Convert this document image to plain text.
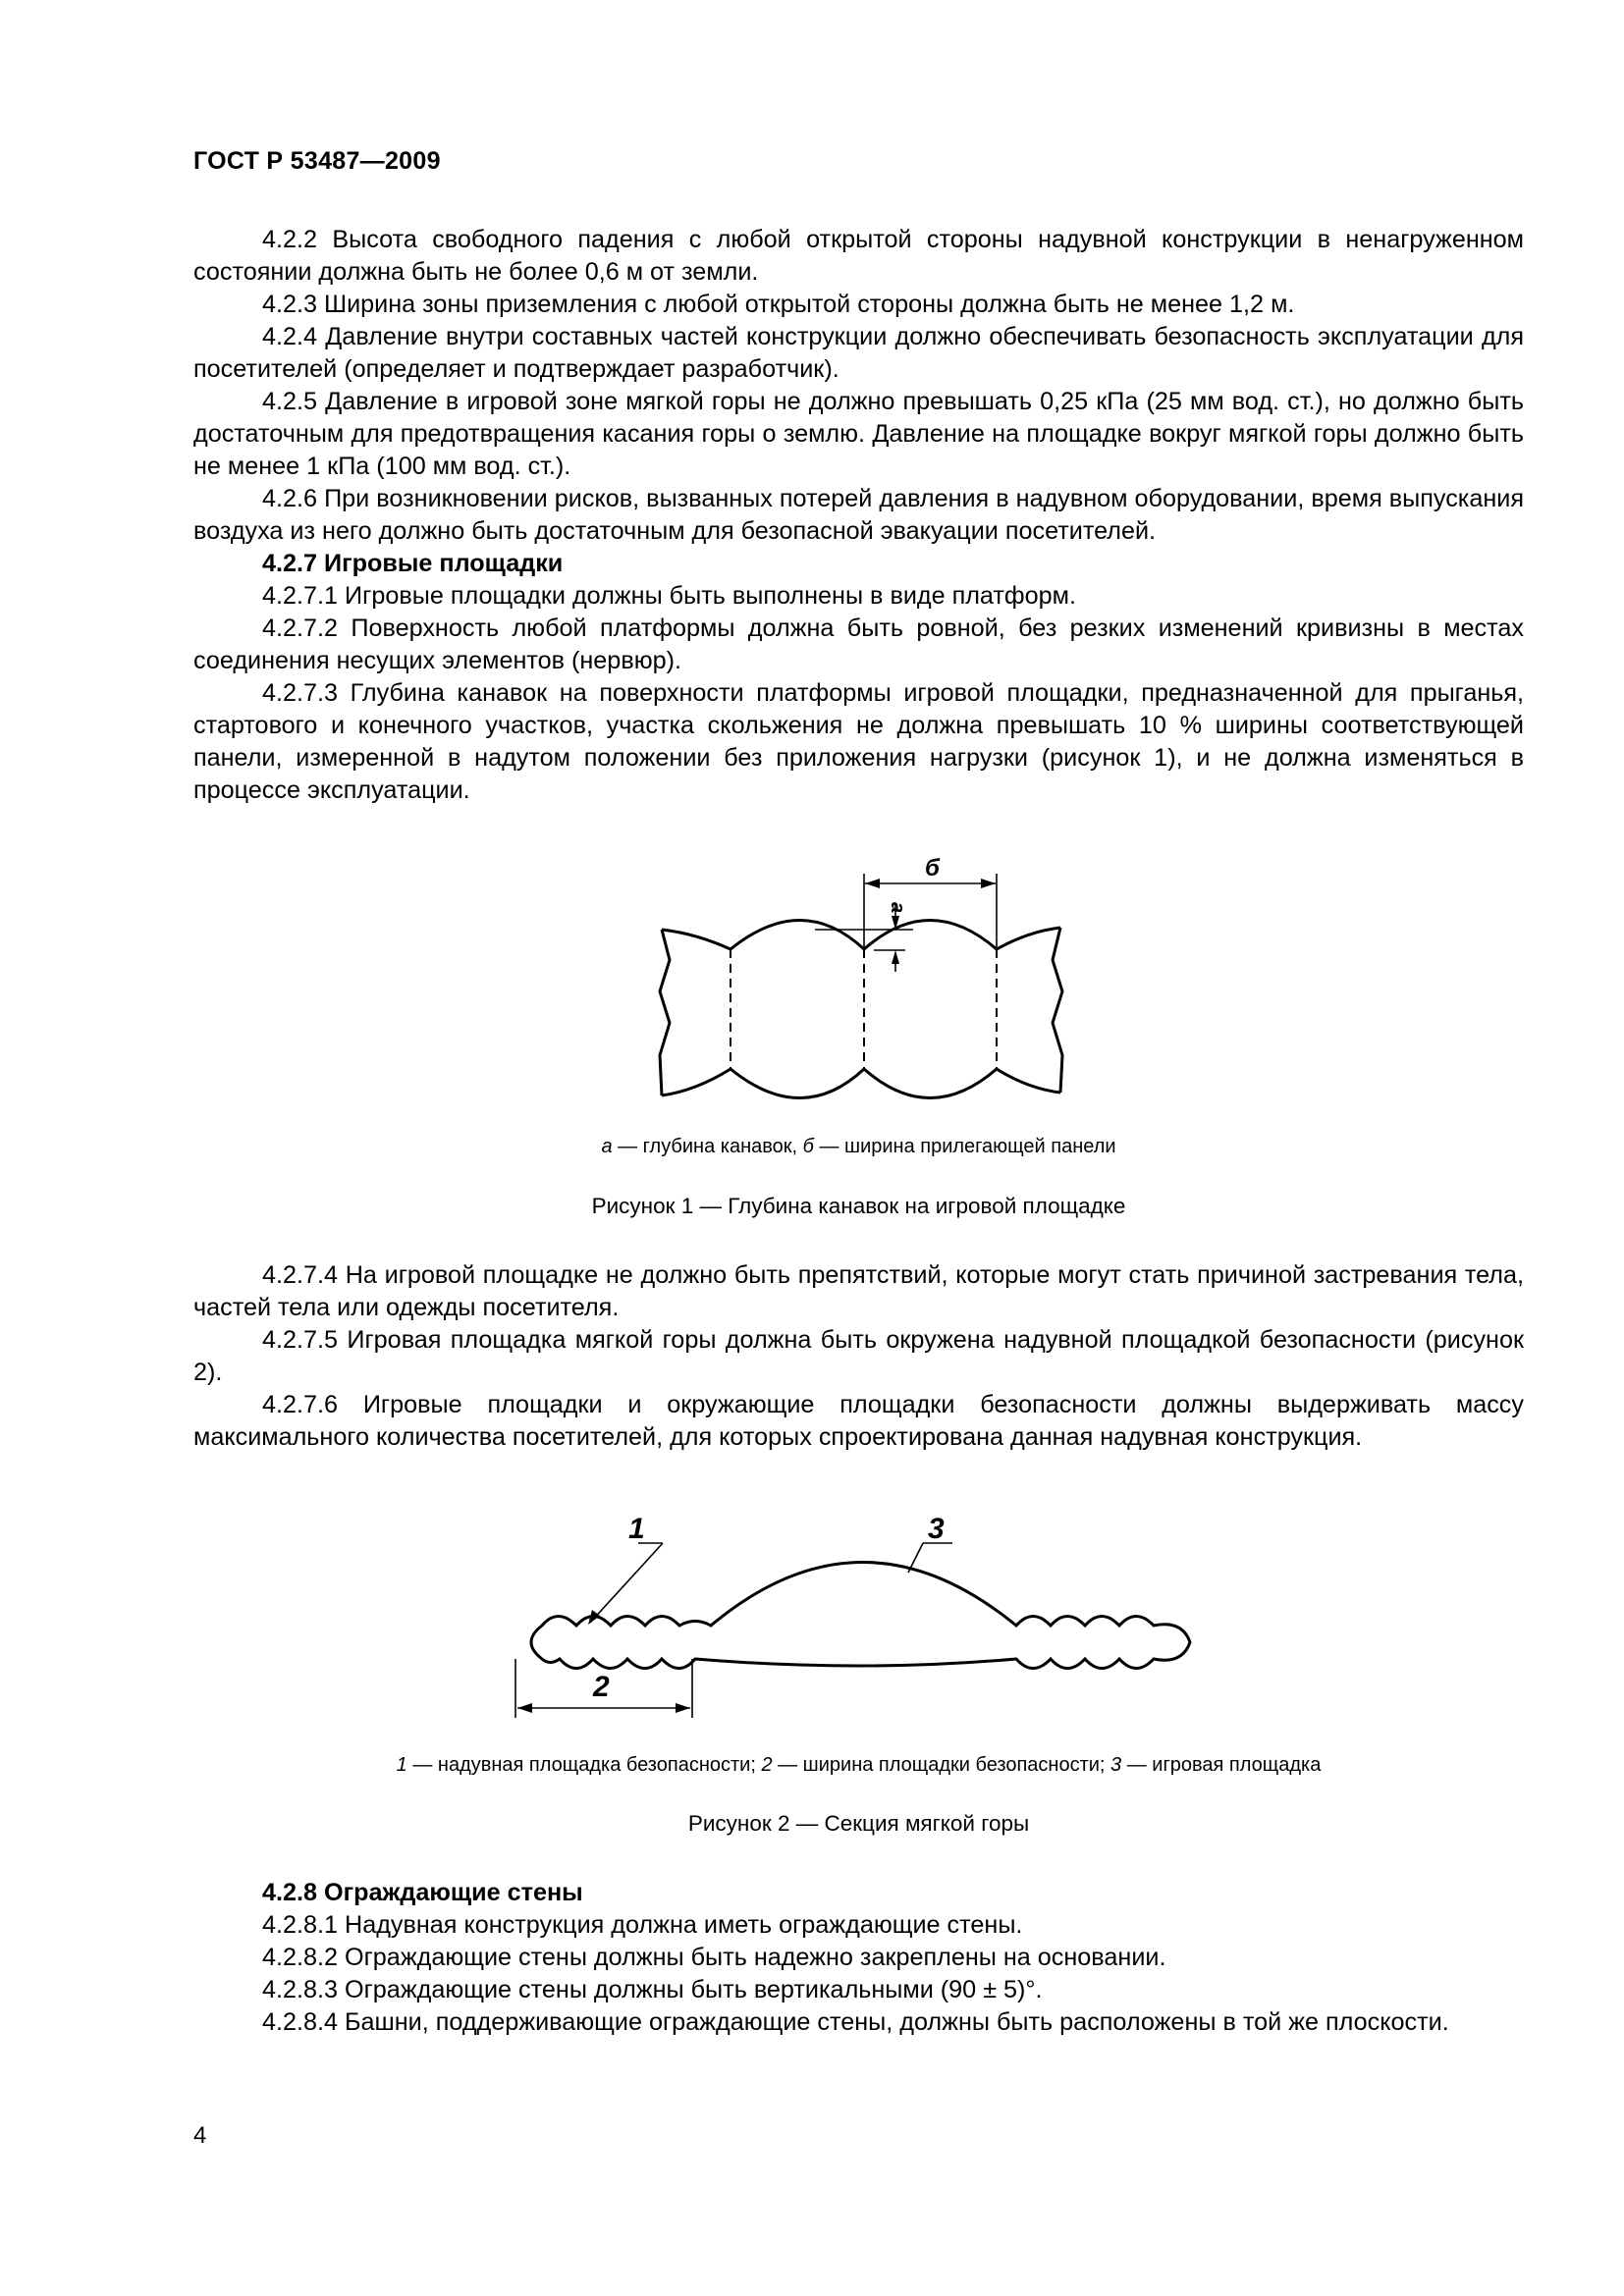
ГОСТ Р 53487—2009

4.2.2 Высота свободного падения с любой открытой стороны надувной конструкции в ненагруженном состоянии должна быть не более 0,6 м от земли.

4.2.3 Ширина зоны приземления с любой открытой стороны должна быть не менее 1,2 м.

4.2.4 Давление внутри составных частей конструкции должно обеспечивать безопасность эксплуатации для посетителей (определяет и подтверждает разработчик).

4.2.5 Давление в игровой зоне мягкой горы не должно превышать 0,25 кПа (25 мм вод. ст.), но должно быть достаточным для предотвращения касания горы о землю. Давление на площадке вокруг мягкой горы должно быть не менее 1 кПа (100 мм вод. ст.).

4.2.6 При возникновении рисков, вызванных потерей давления в надувном оборудовании, время выпускания воздуха из него должно быть достаточным для безопасной эвакуации посетителей.

4.2.7 Игровые площадки

4.2.7.1 Игровые площадки должны быть выполнены в виде платформ.

4.2.7.2 Поверхность любой платформы должна быть ровной, без резких изменений кривизны в местах соединения несущих элементов (нервюр).

4.2.7.3 Глубина канавок на поверхности платформы игровой площадки, предназначенной для прыганья, стартового и конечного участков, участка скольжения не должна превышать 10 % ширины соответствующей панели, измеренной в надутом положении без приложения нагрузки (рисунок 1), и не должна изменяться в процессе эксплуатации.

б
а
а — глубина канавок, б — ширина прилегающей панели
Рисунок 1 — Глубина канавок на игровой площадке

4.2.7.4 На игровой площадке не должно быть препятствий, которые могут стать причиной застревания тела, частей тела или одежды посетителя.

4.2.7.5 Игровая площадка мягкой горы должна быть окружена надувной площадкой безопасности (рисунок 2).

4.2.7.6 Игровые площадки и окружающие площадки безопасности должны выдерживать массу максимального количества посетителей, для которых спроектирована данная надувная конструкция.

1	3
2
1 — надувная площадка безопасности; 2 — ширина площадки безопасности; 3 — игровая площадка
Рисунок 2 — Секция мягкой горы

4.2.8 Ограждающие стены

4.2.8.1 Надувная конструкция должна иметь ограждающие стены.

4.2.8.2 Ограждающие стены должны быть надежно закреплены на основании.

4.2.8.3 Ограждающие стены должны быть вертикальными (90 ± 5)°.

4.2.8.4 Башни, поддерживающие ограждающие стены, должны быть расположены в той же плоскости.

4
